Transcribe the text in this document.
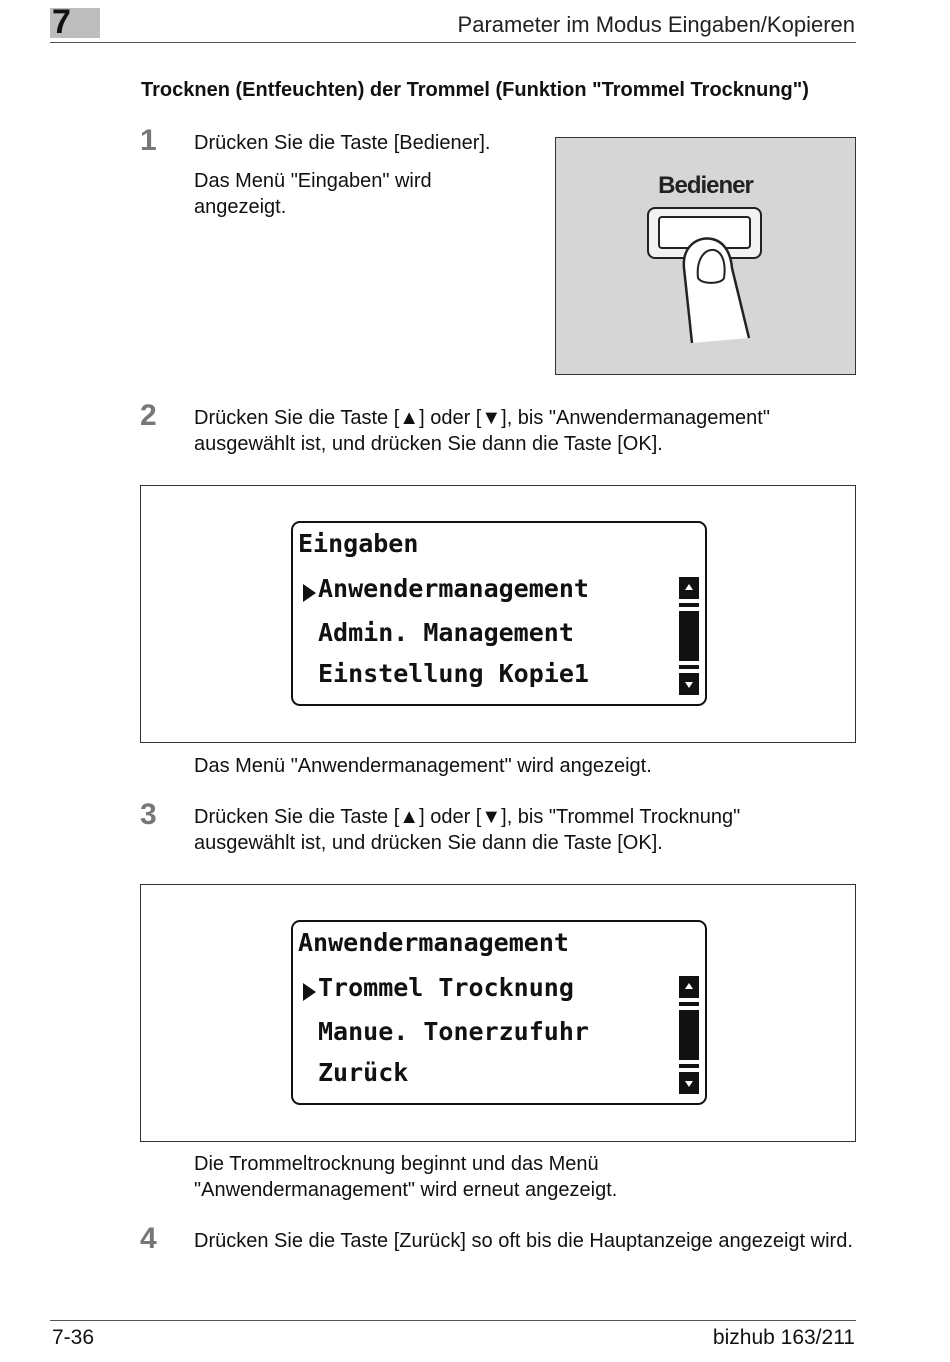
7	Parameter im Modus Eingaben/Kopieren
Trocknen (Entfeuchten) der Trommel (Funktion "Trommel Trocknung")
1 Drücken Sie die Taste [Bediener].
Das Menü "Eingaben" wird angezeigt.
Bediener
2 Drücken Sie die Taste [▲] oder [▼], bis "Anwendermanagement" ausgewählt ist, und drücken Sie dann die Taste [OK].
Eingaben
Anwendermanagement
Admin. Management
Einstellung Kopie1
Das Menü "Anwendermanagement" wird angezeigt.
3 Drücken Sie die Taste [▲] oder [▼], bis "Trommel Trocknung" ausgewählt ist, und drücken Sie dann die Taste [OK].
Anwendermanagement
Trommel Trocknung
Manue. Tonerzufuhr
Zurück
Die Trommeltrocknung beginnt und das Menü "Anwendermanagement" wird erneut angezeigt.
4 Drücken Sie die Taste [Zurück] so oft bis die Hauptanzeige angezeigt wird.
7-36	bizhub 163/211
